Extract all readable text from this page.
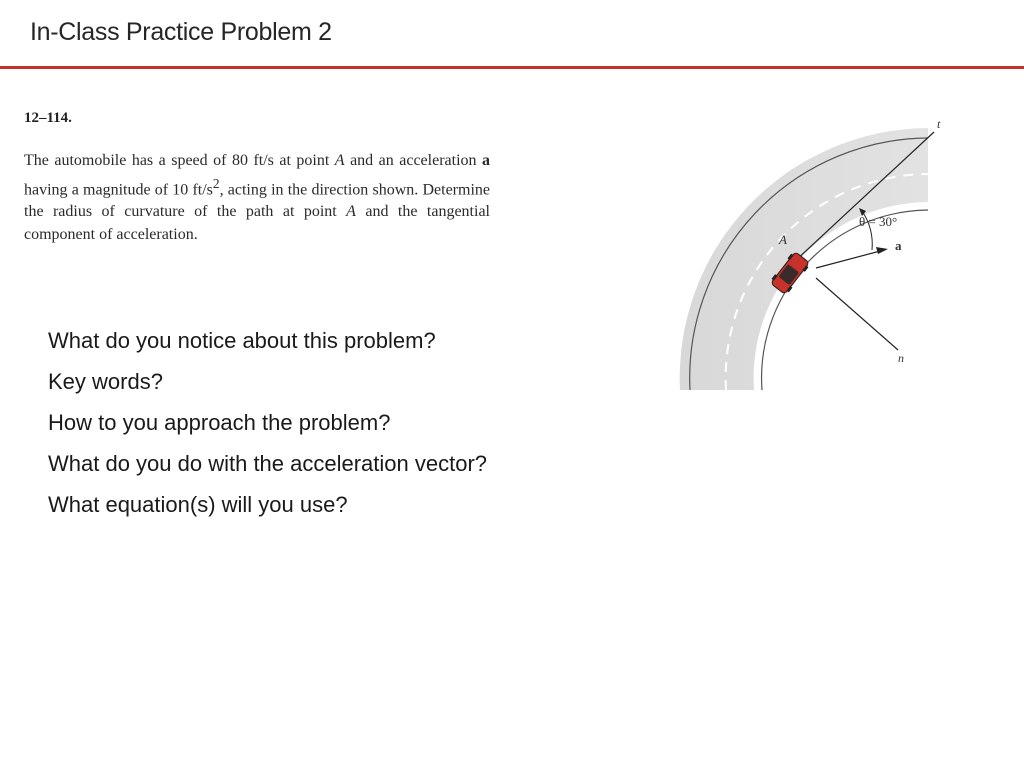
In-Class Practice Problem 2
12–114.
The automobile has a speed of 80 ft/s at point A and an acceleration a having a magnitude of 10 $ft/s^2$, acting in the direction shown. Determine the radius of curvature of the path at point A and the tangential component of acceleration.
What do you notice about this problem?
Key words?
How to you approach the problem?
What do you do with the acceleration vector?
What equation(s) will you use?
t
n
A
θ = 30°
a
